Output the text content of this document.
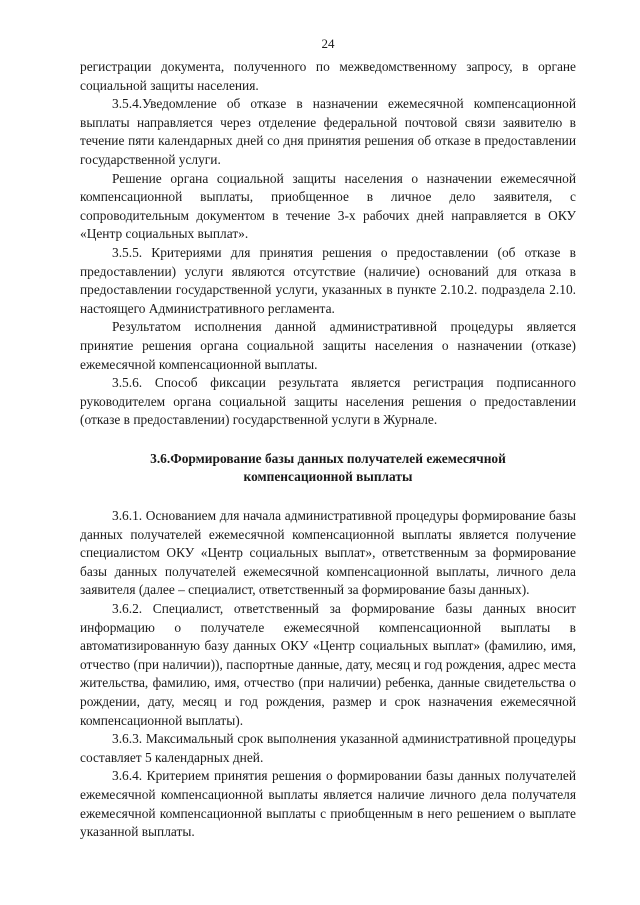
24

регистрации документа, полученного по межведомственному запросу, в органе социальной защиты населения.

3.5.4.Уведомление об отказе в назначении ежемесячной компенсационной выплаты направляется через отделение федеральной почтовой связи заявителю в течение пяти календарных дней со дня принятия решения об отказе в предоставлении государственной услуги.

Решение органа социальной защиты населения о назначении ежемесячной компенсационной выплаты, приобщенное в личное дело заявителя, с сопроводительным документом в течение 3-х рабочих дней направляется в ОКУ «Центр социальных выплат».

3.5.5. Критериями для принятия решения о предоставлении (об отказе в предоставлении) услуги являются отсутствие (наличие) оснований для отказа в предоставлении государственной услуги, указанных в пункте 2.10.2. подраздела 2.10. настоящего Административного регламента.

Результатом исполнения данной административной процедуры является принятие решения органа социальной защиты населения о назначении (отказе) ежемесячной компенсационной выплаты.

3.5.6. Способ фиксации результата является регистрация подписанного руководителем органа социальной защиты населения решения о предоставлении (отказе в предоставлении) государственной услуги в Журнале.

3.6.Формирование базы данных получателей ежемесячной
компенсационной выплаты

3.6.1. Основанием для начала административной процедуры формирование базы данных получателей ежемесячной компенсационной выплаты является получение специалистом ОКУ «Центр социальных выплат», ответственным за формирование базы данных получателей ежемесячной компенсационной выплаты, личного дела заявителя (далее – специалист, ответственный за формирование базы данных).

3.6.2. Специалист, ответственный за формирование базы данных вносит информацию о получателе ежемесячной компенсационной выплаты в автоматизированную базу данных ОКУ «Центр социальных выплат» (фамилию, имя, отчество (при наличии)), паспортные данные, дату, месяц и год рождения, адрес места жительства, фамилию, имя, отчество (при наличии) ребенка, данные свидетельства о рождении, дату, месяц и год рождения, размер и срок назначения ежемесячной компенсационной выплаты).

3.6.3. Максимальный срок выполнения указанной административной процедуры составляет 5 календарных дней.

3.6.4. Критерием принятия решения о формировании базы данных получателей ежемесячной компенсационной выплаты является наличие личного дела получателя ежемесячной компенсационной выплаты с приобщенным в него решением о выплате указанной выплаты.
